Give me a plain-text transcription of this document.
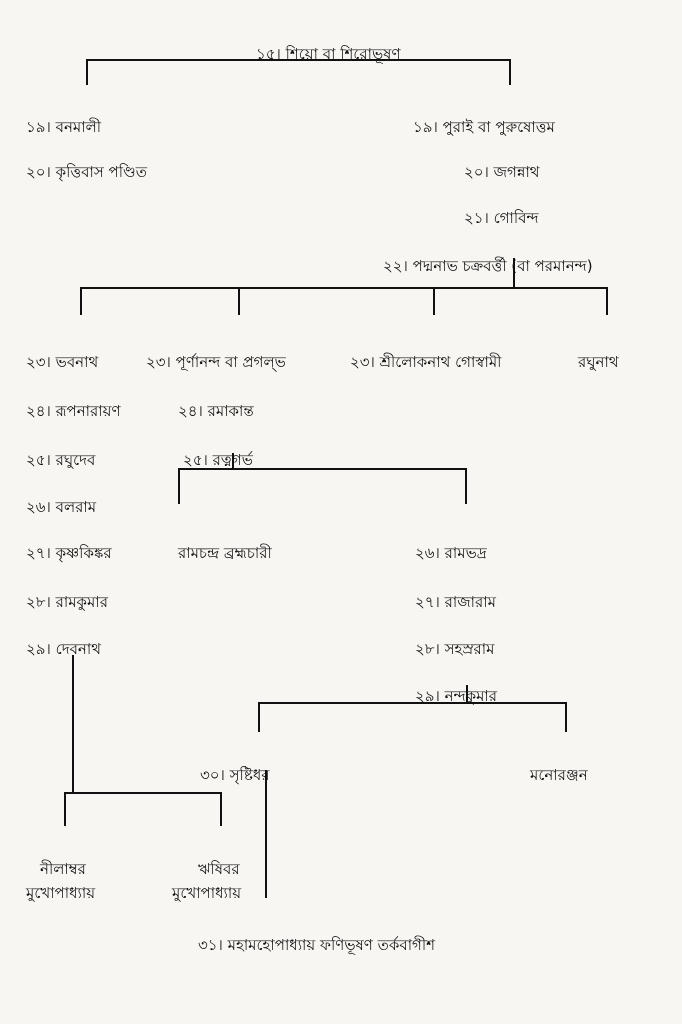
১৫। শিয়ো বা শিরোভূষণ
১৯। বনমালী
২০। কৃত্তিবাস পণ্ডিত
১৯। পুরাই বা পুরুষোত্তম
২০। জগন্নাথ
২১। গোবিন্দ
২২। পদ্মনাভ চক্রবর্ত্তী (বা পরমানন্দ)
২৩। ভবনাথ	২৩। পূর্ণানন্দ বা প্রগল্ভ	২৩। শ্রীলোকনাথ গোস্বামী	রঘুনাথ
২৪। রূপনারায়ণ	২৪। রমাকান্ত
২৫। রঘুদেব	২৫। রত্নগর্ভ
২৬। বলরাম
২৭। কৃষ্ণকিঙ্কর	রামচন্দ্র ব্রহ্মচারী	২৬। রামভদ্র
২৮। রামকুমার	২৭। রাজারাম
২৯। দেবনাথ	২৮। সহস্ররাম
২৯। নন্দকুমার
৩০। সৃষ্টিধর	মনোরঞ্জন
নীলাম্বর
মুখোপাধ্যায়
ঋষিবর
মুখোপাধ্যায়
৩১। মহামহোপাধ্যায় ফণিভূষণ তর্কবাগীশ
